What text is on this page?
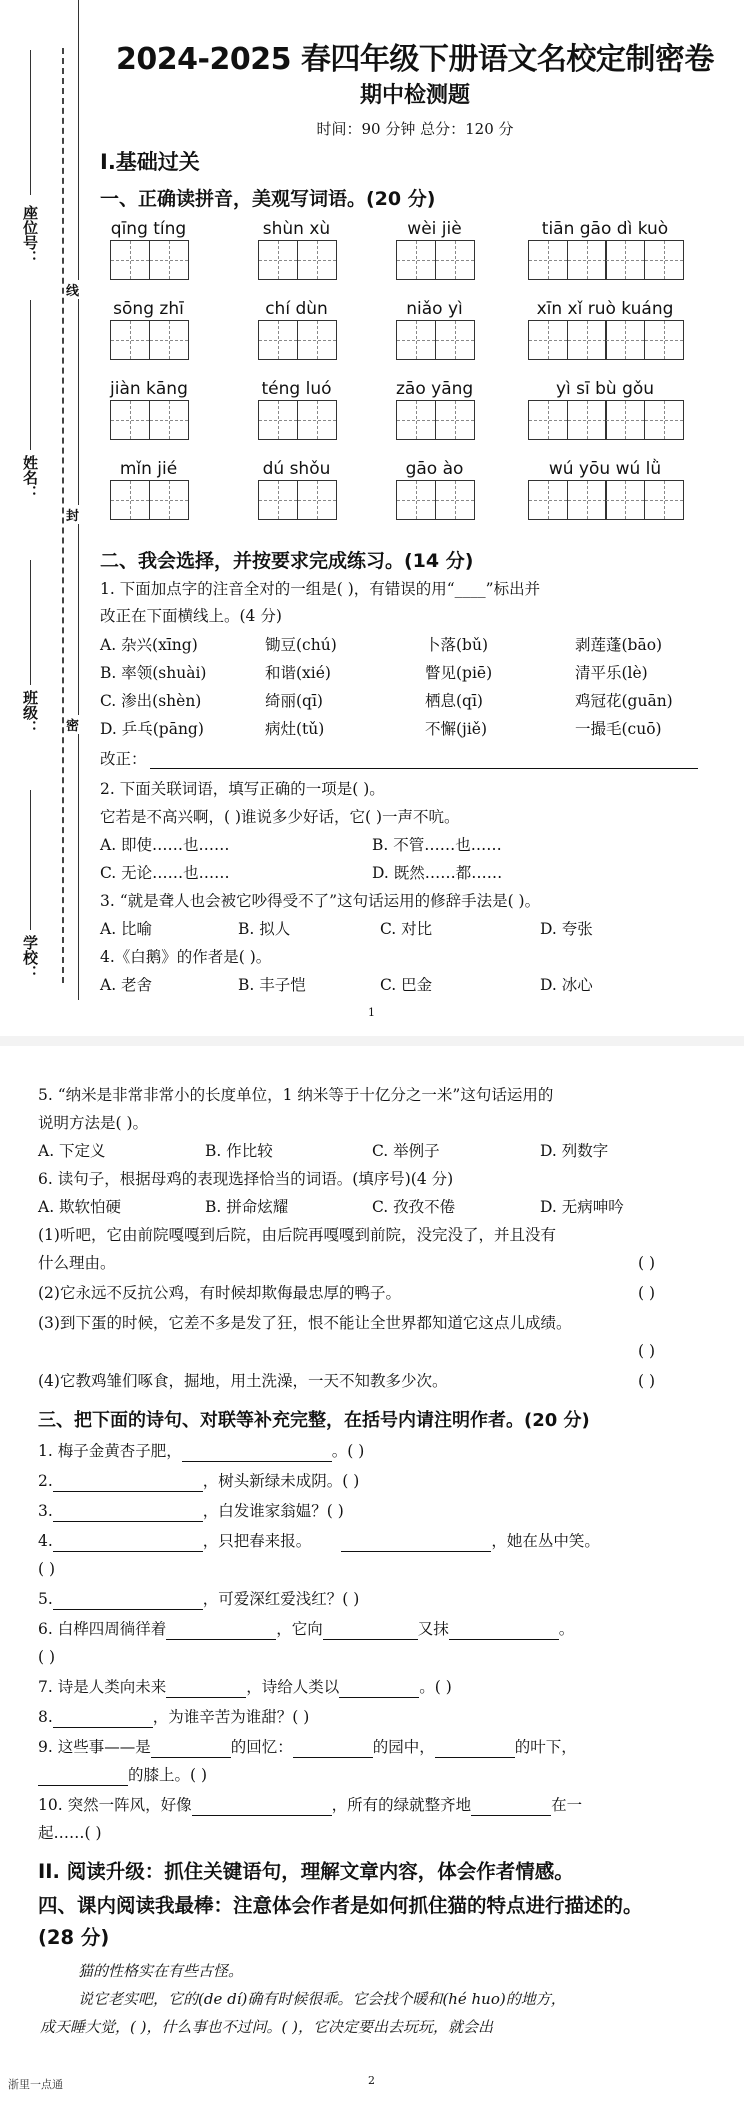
座位号：
姓名：
班级：
学校：
线
封
密
2024-2025 春四年级下册语文名校定制密卷
期中检测题
时间：90 分钟 总分：120 分
I.基础过关
一、正确读拼音，美观写词语。(20 分)
qīng tíng	shùn xù	wèi jiè	tiān gāo dì kuò
sōng zhī	chí dùn	niǎo yì	xīn xǐ ruò kuáng
jiàn kāng	téng luó	zāo yāng	yì sī bù gǒu
mǐn jié	dú shǒu	gāo ào	wú yōu wú lǜ
二、我会选择，并按要求完成练习。(14 分)
1. 下面加点字的注音全对的一组是( )，有错误的用“____”标出并
改正在下面横线上。(4 分)
A. 杂兴(xīng)	锄豆(chú)	卜落(bǔ)	剥莲蓬(bāo)
B. 率领(shuài)	和谐(xié)	瞥见(piē)	清平乐(lè)
C. 渗出(shèn)	绮丽(qī)	栖息(qī)	鸡冠花(guān)
D. 乒乓(pāng)	病灶(tǔ)	不懈(jiě)	一撮毛(cuō)
改正：
2. 下面关联词语，填写正确的一项是( )。
它若是不高兴啊，( )谁说多少好话，它( )一声不吭。
A. 即使……也……	B. 不管……也……
C. 无论……也……	D. 既然……都……
3. “就是聋人也会被它吵得受不了”这句话运用的修辞手法是( )。
A. 比喻	B. 拟人	C. 对比	D. 夸张
4.《白鹅》的作者是( )。
A. 老舍	B. 丰子恺	C. 巴金	D. 冰心
1
5. “纳米是非常非常小的长度单位，1 纳米等于十亿分之一米”这句话运用的
说明方法是( )。
A. 下定义	B. 作比较	C. 举例子	D. 列数字
6. 读句子，根据母鸡的表现选择恰当的词语。(填序号)(4 分)
A. 欺软怕硬	B. 拼命炫耀	C. 孜孜不倦	D. 无病呻吟
(1)听吧，它由前院嘎嘎到后院，由后院再嘎嘎到前院，没完没了，并且没有
什么理由。	( )
(2)它永远不反抗公鸡，有时候却欺侮最忠厚的鸭子。	( )
(3)到下蛋的时候，它差不多是发了狂，恨不能让全世界都知道它这点儿成绩。
( )
(4)它教鸡雏们啄食，掘地，用土洗澡，一天不知教多少次。	( )
三、把下面的诗句、对联等补充完整，在括号内请注明作者。(20 分)
1. 梅子金黄杏子肥，	。( )
2.	，树头新绿未成阴。( )
3.	，白发谁家翁媪？( )
4.	，只把春来报。	，她在丛中笑。
( )
5.	，可爱深红爱浅红？( )
6. 白桦四周徜徉着	，它向	又抹	。
( )
7. 诗是人类向未来	，诗给人类以	。( )
8.	，为谁辛苦为谁甜？( )
9. 这些事——是	的回忆：	的园中，	的叶下，
的膝上。( )
10. 突然一阵风，好像	，所有的绿就整齐地	在一
起……( )
II. 阅读升级：抓住关键语句，理解文章内容，体会作者情感。
四、课内阅读我最棒：注意体会作者是如何抓住猫的特点进行描述的。
(28 分)
猫的性格实在有些古怪。
说它老实吧，它的(de dí)确有时候很乖。它会找个暖和(hé huo)的地方，
成天睡大觉，( )，什么事也不过问。( )，它决定要出去玩玩，就会出
浙里一点通	2
